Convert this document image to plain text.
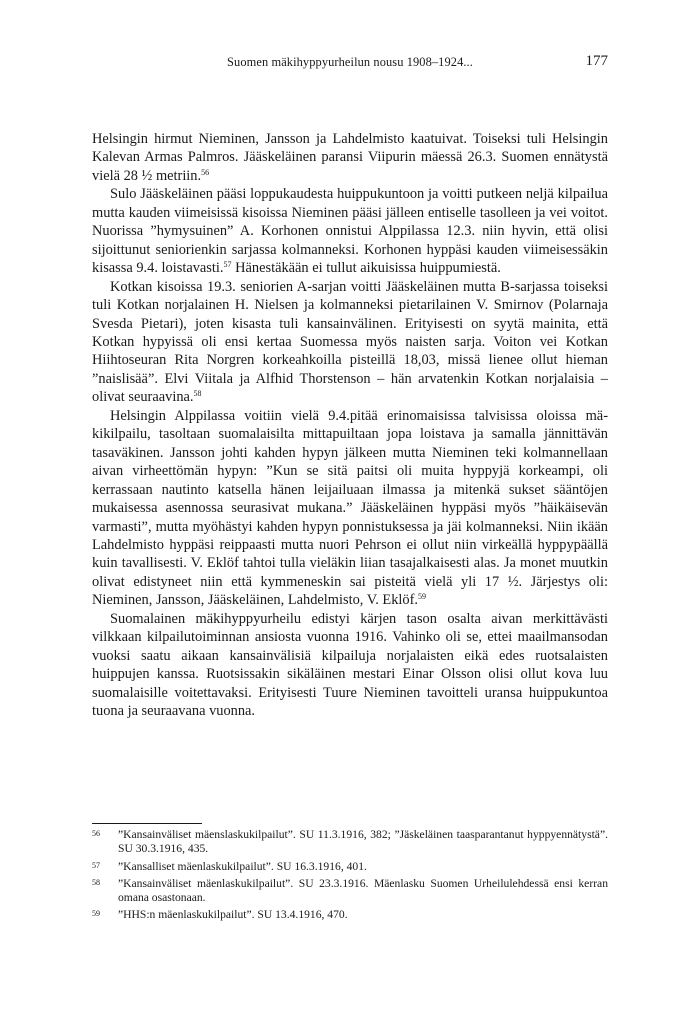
Suomen mäkihyppyurheilun nousu 1908–1924...	177

Helsingin hirmut Nieminen, Jansson ja Lahdelmisto kaatuivat. Toiseksi tuli Helsingin Kalevan Armas Palmros. Jääskeläinen paransi Viipurin mäessä 26.3. Suomen ennätystä vielä 28 ½ metriin.$^{56}$

Sulo Jääskeläinen pääsi loppukaudesta huippukuntoon ja voitti putkeen neljä kilpailua mutta kauden viimeisissä kisoissa Nieminen pääsi jälleen entiselle tasolleen ja vei voitot. Nuorissa ”hymysuinen” A. Korhonen onnistui Alppilassa 12.3. niin hyvin, että olisi sijoittunut seniorienkin sarjassa kolmanneksi. Korhonen hyppäsi kauden viimeisessäkin kisassa 9.4. loistavasti.$^{57}$ Hänestäkään ei tullut aikuisissa huippumiestä.

Kotkan kisoissa 19.3. seniorien A-sarjan voitti Jääskeläinen mutta B-sarjassa toiseksi tuli Kotkan norjalainen H. Nielsen ja kolmanneksi pietarilainen V. Smirnov (Polarnaja Svesda Pietari), joten kisasta tuli kansainvälinen. Erityisesti on syytä mainita, että Kotkan hypyissä oli ensi kertaa Suomessa myös naisten sarja. Voiton vei Kotkan Hiihtoseuran Rita Norgren korkeahkoilla pisteillä 18,03, missä lienee ollut hieman ”naislisää”. Elvi Viitala ja Alfhid Thorstenson – hän arvatenkin Kotkan norjalaisia – olivat seuraavina.$^{58}$

Helsingin Alppilassa voitiin vielä 9.4.pitää erinomaisissa talvisissa oloissa mäkikilpailu, tasoltaan suomalaisilta mittapuiltaan jopa loistava ja samalla jännittävän tasaväkinen. Jansson johti kahden hypyn jälkeen mutta Nieminen teki kolmannellaan aivan virheettömän hypyn: ”Kun se sitä paitsi oli muita hyppyjä korkeampi, oli kerrassaan nautinto katsella hänen leijailuaan ilmassa ja mitenkä sukset sääntöjen mukaisessa asennossa seurasivat mukana.” Jääskeläinen hyppäsi myös ”häikäisevän varmasti”, mutta myöhästyi kahden hypyn ponnistuksessa ja jäi kolmanneksi. Niin ikään Lahdelmisto hyppäsi reippaasti mutta nuori Pehrson ei ollut niin virkeällä hyppypäällä kuin tavallisesti. V. Eklöf tahtoi tulla vieläkin liian tasajalkaisesti alas. Ja monet muutkin olivat edistyneet niin että kymmeneskin sai pisteitä vielä yli 17 ½. Järjestys oli: Nieminen, Jansson, Jääskeläinen, Lahdelmisto, V. Eklöf.$^{59}$

Suomalainen mäkihyppyurheilu edistyi kärjen tason osalta aivan merkittävästi vilkkaan kilpailutoiminnan ansiosta vuonna 1916. Vahinko oli se, ettei maailmansodan vuoksi saatu aikaan kansainvälisiä kilpailuja norjalaisten eikä edes ruotsalaisten huippujen kanssa. Ruotsissakin sikäläinen mestari Einar Olsson olisi ollut kova luu suomalaisille voitettavaksi. Erityisesti Tuure Nieminen tavoitteli uransa huippukuntoa tuona ja seuraavana vuonna.

56 ”Kansainväliset mäenslaskukilpailut”. SU 11.3.1916, 382; ”Jäskeläinen taasparantanut hyppyennätystä”. SU 30.3.1916, 435.
57 ”Kansalliset mäenlaskukilpailut”. SU 16.3.1916, 401.
58 ”Kansainväliset mäenlaskukilpailut”. SU 23.3.1916. Mäenlasku Suomen Urheilulehdessä ensi kerran omana osastonaan.
59 ”HHS:n mäenlaskukilpailut”. SU 13.4.1916, 470.
